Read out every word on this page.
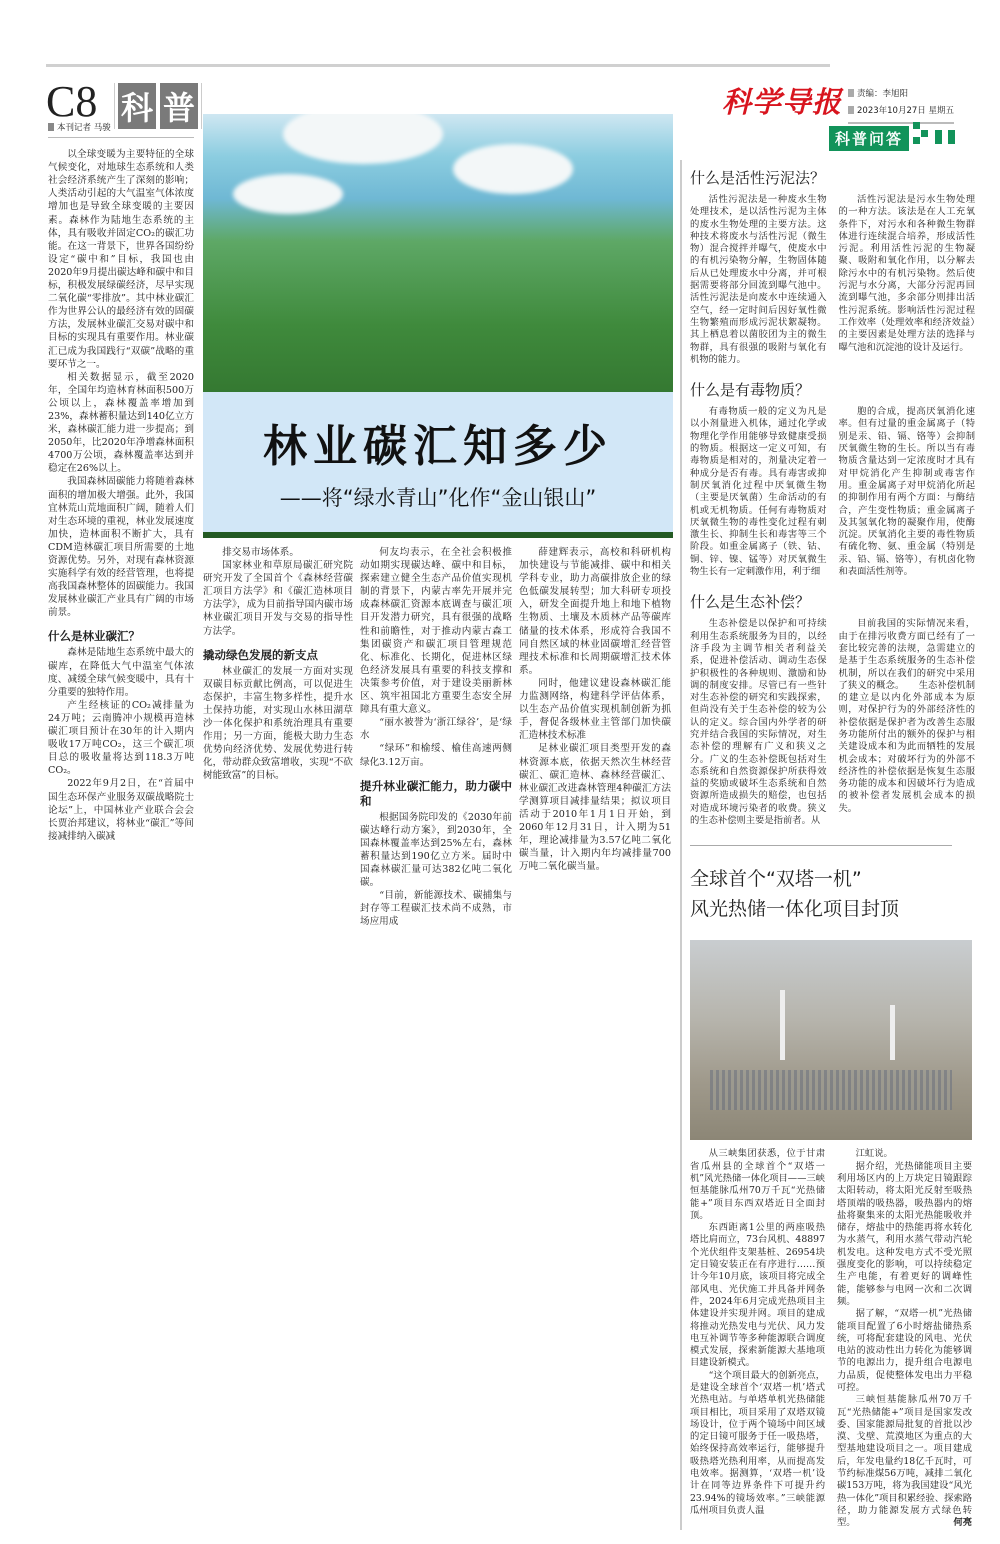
C8 科 普	科学导报	责编：李旭阳
2023年10月27日 星期五
本刊记者 马骏

以全球变暖为主要特征的全球气候变化，对地球生态系统和人类社会经济系统产生了深刻的影响；人类活动引起的大气温室气体浓度增加也是导致全球变暖的主要因素。森林作为陆地生态系统的主体，具有吸收并固定CO₂的碳汇功能。在这一背景下，世界各国纷纷设定“碳中和”目标，我国也由2020年9月提出碳达峰和碳中和目标，积极发展绿碳经济，尽早实现二氧化碳“零排放”。其中林业碳汇作为世界公认的最经济有效的固碳方法，发展林业碳汇交易对碳中和目标的实现具有重要作用。林业碳汇已成为我国践行“双碳”战略的重要环节之一。

相关数据显示，截至2020年，全国年均造林育林面积500万公顷以上，森林覆盖率增加到23%，森林蓄积量达到140亿立方米，森林碳汇能力进一步提高；到2050年，比2020年净增森林面积4700万公顷，森林覆盖率达到并稳定在26%以上。

我国森林固碳能力将随着森林面积的增加极大增强。此外，我国宜林荒山荒地面积广阔，随着人们对生态环境的重视，林业发展速度加快，造林面积不断扩大，具有CDM造林碳汇项目所需要的土地资源优势。另外，对现有森林资源实施科学有效的经营管理，也将提高我国森林整体的固碳能力。我国发展林业碳汇产业具有广阔的市场前景。

什么是林业碳汇？

森林是陆地生态系统中最大的碳库，在降低大气中温室气体浓度、减缓全球气候变暖中，具有十分重要的独特作用。

产生经核证的CO₂减排量为24万吨；云南腾冲小规模再造林碳汇项目预计在30年的计入期内吸收17万吨CO₂，这三个碳汇项目总的吸收量将达到118.3万吨CO₂。

2022年9月2日，在“首届中国生态环保产业服务双碳战略院士论坛”上，中国林业产业联合会会长贾治邦建议，将林业“碳汇”等间接减排纳入碳减

林业碳汇知多少
——将“绿水青山”化作“金山银山”

排交易市场体系。

国家林业和草原局碳汇研究院研究开发了全国首个《森林经营碳汇项目方法学》和《碳汇造林项目方法学》，成为目前指导国内碳市场林业碳汇项目开发与交易的指导性方法学。

撬动绿色发展的新支点

林业碳汇的发展一方面对实现双碳目标贡献比例高，可以促进生态保护，丰富生物多样性，提升水土保持功能，对实现山水林田湖草沙一体化保护和系统治理具有重要作用；另一方面，能极大助力生态优势向经济优势、发展优势进行转化，带动群众致富增收，实现“不砍树能致富”的目标。

何友均表示，在全社会积极推动如期实现碳达峰、碳中和目标，探索建立健全生态产品价值实现机制的背景下，内蒙古率先开展并完成森林碳汇资源本底调查与碳汇项目开发潜力研究，具有很强的战略性和前瞻性，对于推动内蒙古森工集团碳资产和碳汇项目管理规范化、标准化、长期化，促进林区绿色经济发展具有重要的科技支撑和决策参考价值，对于建设美丽新林区、筑牢祖国北方重要生态安全屏障具有重大意义。

“丽水被誉为‘浙江绿谷’，是‘绿水

“绿环”和榆绥、榆佳高速两侧绿化3.12万亩。

提升林业碳汇能力，助力碳中和

根据国务院印发的《2030年前碳达峰行动方案》，到2030年，全国森林覆盖率达到25%左右，森林蓄积量达到190亿立方米。届时中国森林碳汇量可达382亿吨二氧化碳。

“目前，新能源技术、碳捕集与封存等工程碳汇技术尚不成熟，市场应用成

薛建辉表示，高校和科研机构加快建设与节能减排、碳中和相关学科专业，助力高碳排放企业的绿色低碳发展转型；加大科研专项投入，研发全面提升地上和地下植物生物质、土壤及木质林产品等碳库储量的技术体系，形成符合我国不同自然区域的林业固碳增汇经营管理技术标准和长周期碳增汇技术体系。

同时，他建议建设森林碳汇能力监测网络，构建科学评估体系，以生态产品价值实现机制创新为抓手，督促各级林业主管部门加快碳汇造林技术标准

足林业碳汇项目类型开发的森林资源本底，依据天然次生林经营碳汇、碳汇造林、森林经营碳汇、林业碳汇改进森林管理4种碳汇方法学测算项目减排量结果；拟议项目活动于2010年1月1日开始，到2060年12月31日，计入期为51年，理论减排量为3.57亿吨二氧化碳当量，计入期内年均减排量700万吨二氧化碳当量。

科普问答
什么是活性污泥法？

活性污泥法是一种废水生物处理技术，是以活性污泥为主体的废水生物处理的主要方法。这种技术将废水与活性污泥（微生物）混合搅拌并曝气，使废水中的有机污染物分解，生物固体随后从已处理废水中分离，并可根据需要将部分回流到曝气池中。活性污泥法是向废水中连续通入空气，经一定时间后因好氧性微生物繁殖而形成污泥状絮凝物。其上栖息着以菌胶团为主的微生物群，具有很强的吸附与氧化有机物的能力。

活性污泥法是污水生物处理的一种方法。该法是在人工充氧条件下，对污水和各种微生物群体进行连续混合培养，形成活性污泥。利用活性污泥的生物凝聚、吸附和氧化作用，以分解去除污水中的有机污染物。然后使污泥与水分离，大部分污泥再回流到曝气池，多余部分则排出活性污泥系统。影响活性污泥过程工作效率（处理效率和经济效益）的主要因素是处理方法的选择与曝气池和沉淀池的设计及运行。

什么是有毒物质？

有毒物质一般的定义为凡是以小剂量进入机体，通过化学或物理化学作用能够导致健康受损的物质。根据这一定义可知，有毒物质是相对的，剂量决定着一种成分是否有毒。具有毒害或抑制厌氧消化过程中厌氧微生物（主要是厌氧菌）生命活动的有机或无机物质。任何有毒物质对厌氧微生物的毒性变化过程有刺激生长、抑制生长和毒害等三个阶段。如重金属离子（铁、钴、铜、锌、镍、锰等）对厌氧微生物生长有一定刺激作用，利于细

胞的合成，提高厌氧消化速率。但有过量的重金属离子（特别是汞、铅、镉、铬等）会抑制厌氧微生物的生长。所以当有毒物质含量达到一定浓度时才具有对甲烷消化产生抑制或毒害作用。重金属离子对甲烷消化所起的抑制作用有两个方面：与酶结合，产生变性物质；重金属离子及其氢氧化物的凝聚作用，使酶沉淀。厌氧消化主要的毒性物质有硫化物、氨、重金属（特别是汞、铅、镉、铬等），有机卤化物和表面活性剂等。

什么是生态补偿？

生态补偿是以保护和可持续利用生态系统服务为目的，以经济手段为主调节相关者利益关系，促进补偿活动、调动生态保护积极性的各种规则、激励和协调的制度安排。尽管已有一些针对生态补偿的研究和实践探索，但尚没有关于生态补偿的较为公认的定义。综合国内外学者的研究并结合我国的实际情况，对生态补偿的理解有广义和狭义之分。广义的生态补偿既包括对生态系统和自然资源保护所获得效益的奖励或破坏生态系统和自然资源所造成损失的赔偿，也包括对造成环境污染者的收费。狭义的生态补偿则主要是指前者。从

目前我国的实际情况来看，由于在排污收费方面已经有了一套比较完善的法规，急需建立的是基于生态系统服务的生态补偿机制，所以在我们的研究中采用了狭义的概念。　　生态补偿机制的建立是以内化外部成本为原则，对保护行为的外部经济性的补偿依据是保护者为改善生态服务功能所付出的额外的保护与相关建设成本和为此而牺牲的发展机会成本；对破坏行为的外部不经济性的补偿依据是恢复生态服务功能的成本和因破坏行为造成的被补偿者发展机会成本的损失。

全球首个“双塔一机”
风光热储一体化项目封顶

从三峡集团获悉，位于甘肃省瓜州县的全球首个“双塔一机”风光热储一体化项目——三峡恒基能脉瓜州70万千瓦“光热储能+”项目东西双塔近日全面封顶。

东西距离1公里的两座吸热塔比肩而立，73台风机、48897个光伏组件支架基桩、26954块定日镜安装正在有序进行……预计今年10月底，该项目将完成全部风电、光伏施工并具备并网条件，2024年6月完成光热项目主体建设并实现并网。项目的建成将推动光热发电与光伏、风力发电互补调节等多种能源联合调度模式发展，探索新能源大基地项目建设新模式。

“这个项目最大的创新亮点，是建设全球首个‘双塔一机’塔式光热电站。与单塔单机光热储能项目相比，项目采用了双塔双镜场设计，位于两个镜场中间区域的定日镜可服务于任一吸热塔，始终保持高效率运行，能够提升吸热塔光热利用率，从而提高发电效率。据测算，‘双塔一机’设计在同等边界条件下可提升约23.94%的镜场效率。”三峡能源瓜州项目负责人温

江虹说。

据介绍，光热储能项目主要利用场区内的上万块定日镜跟踪太阳转动，将太阳光反射至吸热塔顶端的吸热器，吸热器内的熔盐将聚集来的太阳光热能吸收并储存，熔盐中的热能再将水转化为水蒸气，利用水蒸气带动汽轮机发电。这种发电方式不受光照强度变化的影响，可以持续稳定生产电能，有着更好的调峰性能，能够参与电网一次和二次调频。

据了解，“双塔一机”光热储能项目配置了6小时熔盐储热系统，可将配套建设的风电、光伏电站的波动性出力转化为能够调节的电源出力，提升组合电源电力品质，促使整体发电出力平稳可控。

三峡恒基能脉瓜州70万千瓦“光热储能+”项目是国家发改委、国家能源局批复的首批以沙漠、戈壁、荒漠地区为重点的大型基地建设项目之一。项目建成后，年发电量约18亿千瓦时，可节约标准煤56万吨，减排二氧化碳153万吨，将为我国建设“风光热一体化”项目积累经验、探索路径，助力能源发展方式绿色转型。	何亮
